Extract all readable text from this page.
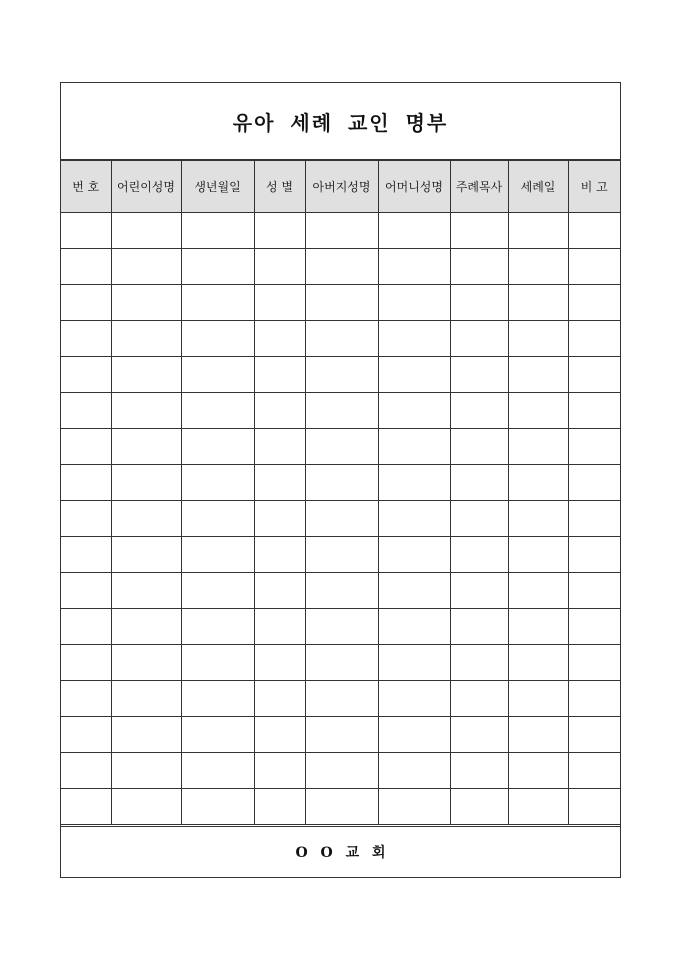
유아 세례 교인 명부
번 호	어린이성명	생년월일	성 별	아버지성명	어머니성명	주례목사	세례일	비 고

O O 교 회
